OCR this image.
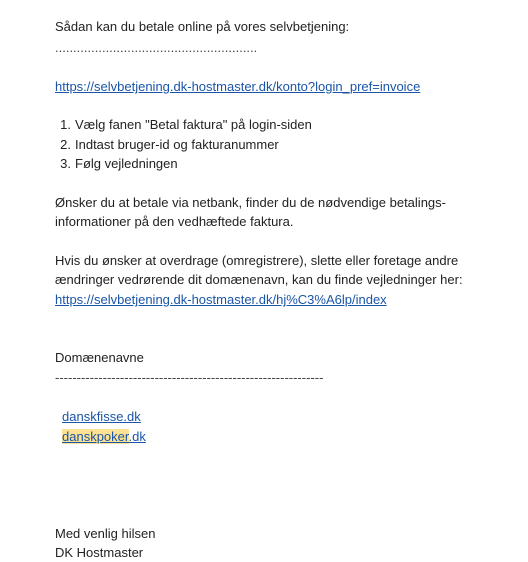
Sådan kan du betale online på vores selvbetjening:
........................................................
https://selvbetjening.dk-hostmaster.dk/konto?login_pref=invoice
1. Vælg fanen "Betal faktura" på login-siden
2. Indtast bruger-id og fakturanummer
3. Følg vejledningen
Ønsker du at betale via netbank, finder du de nødvendige betalings-
informationer på den vedhæftede faktura.
Hvis du ønsker at overdrage (omregistrere), slette eller foretage andre
ændringer vedrørende dit domænenavn, kan du finde vejledninger her:
https://selvbetjening.dk-hostmaster.dk/hj%C3%A6lp/index
Domænenavne
--------------------------------------------------------------
danskfisse.dk
danskpoker.dk
Med venlig hilsen
DK Hostmaster
